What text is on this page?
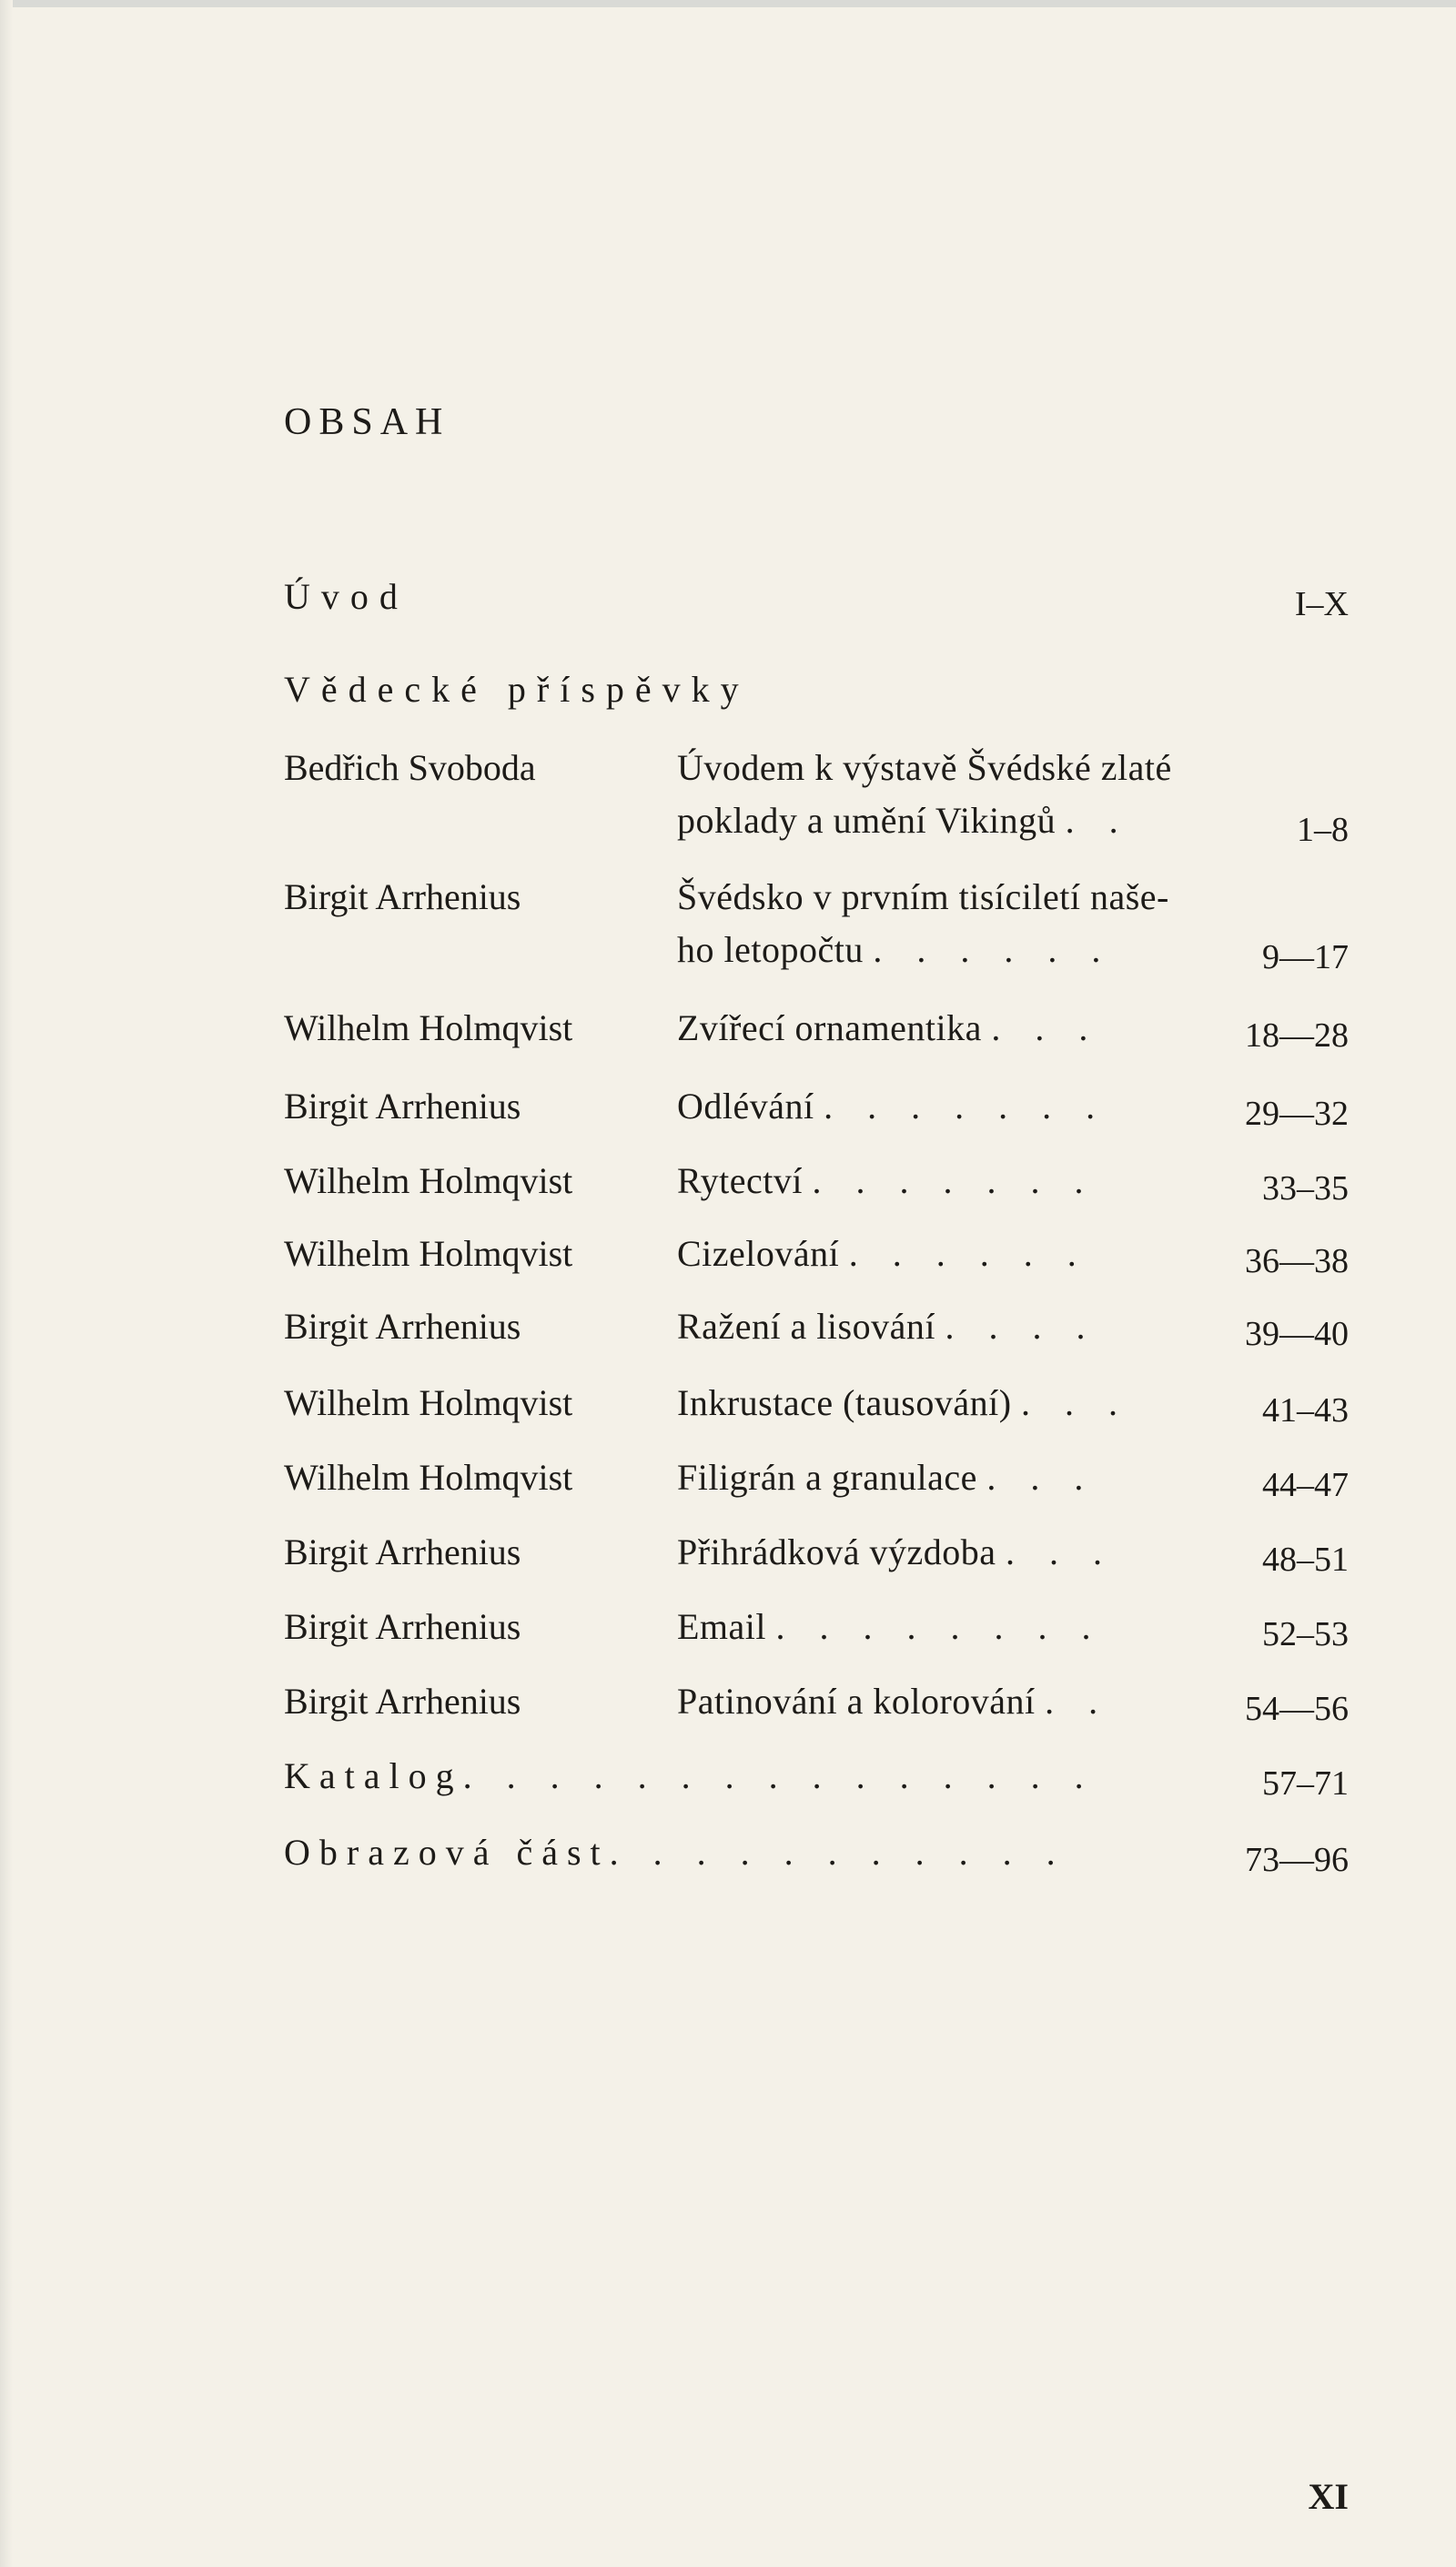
OBSAH
Úvod	I–X
Vědecké příspěvky
Bedřich Svoboda	Úvodem k výstavě Švédské zlaté
poklady a umění Vikingů . .	1–8
Birgit Arrhenius	Švédsko v prvním tisíciletí naše-
ho letopočtu . . . . . .	9—17
Wilhelm Holmqvist	Zvířecí ornamentika . . .	18—28
Birgit Arrhenius	Odlévání . . . . . . .	29—32
Wilhelm Holmqvist	Rytectví . . . . . . .	33–35
Wilhelm Holmqvist	Cizelování . . . . . .	36—38
Birgit Arrhenius	Ražení a lisování . . . .	39—40
Wilhelm Holmqvist	Inkrustace (tausování) . . .	41–43
Wilhelm Holmqvist	Filigrán a granulace . . .	44–47
Birgit Arrhenius	Přihrádková výzdoba . . .	48–51
Birgit Arrhenius	Email . . . . . . . .	52–53
Birgit Arrhenius	Patinování a kolorování . .	54—56
Katalog. . . . . . . . . . . . . . .	57–71
Obrazová část. . . . . . . . . . .	73—96
XI
